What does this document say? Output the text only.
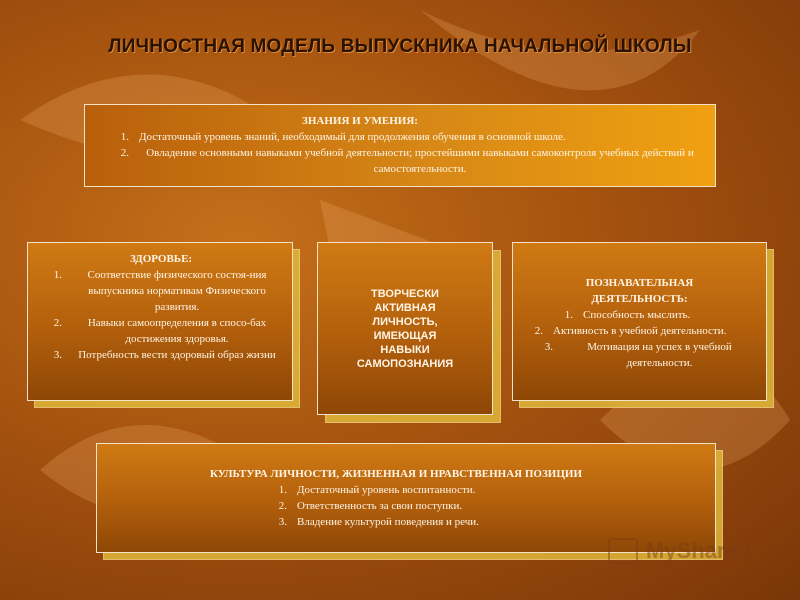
ЛИЧНОСТНАЯ МОДЕЛЬ ВЫПУСКНИКА НАЧАЛЬНОЙ ШКОЛЫ
ЗНАНИЯ И УМЕНИЯ:
1. Достаточный уровень знаний, необходимый для продолжения обучения в основной школе.
2.	Овладение основными навыками учебной деятельности; простейшими навыками самоконтроля учебных действий и самостоятельности.
ЗДОРОВЬЕ:
1.	Соответствие физического состоя-ния выпускника нормативам Физического развития.
2.	Навыки самоопределения в спосо-бах достижения здоровья.
3.	Потребность вести здоровый образ жизни
ТВОРЧЕСКИ АКТИВНАЯ ЛИЧНОСТЬ, ИМЕЮЩАЯ НАВЫКИ САМОПОЗНАНИЯ
ПОЗНАВАТЕЛЬНАЯ ДЕЯТЕЛЬНОСТЬ:
1. Способность мыслить.
2. Активность в учебной деятельности.
3.	Мотивация на успех в учебной деятельности.
КУЛЬТУРА ЛИЧНОСТИ, ЖИЗНЕННАЯ И НРАВСТВЕННАЯ ПОЗИЦИИ
1. Достаточный уровень воспитанности.
2. Ответственность за свои поступки.
3. Владение культурой поведения и речи.
MyShared
